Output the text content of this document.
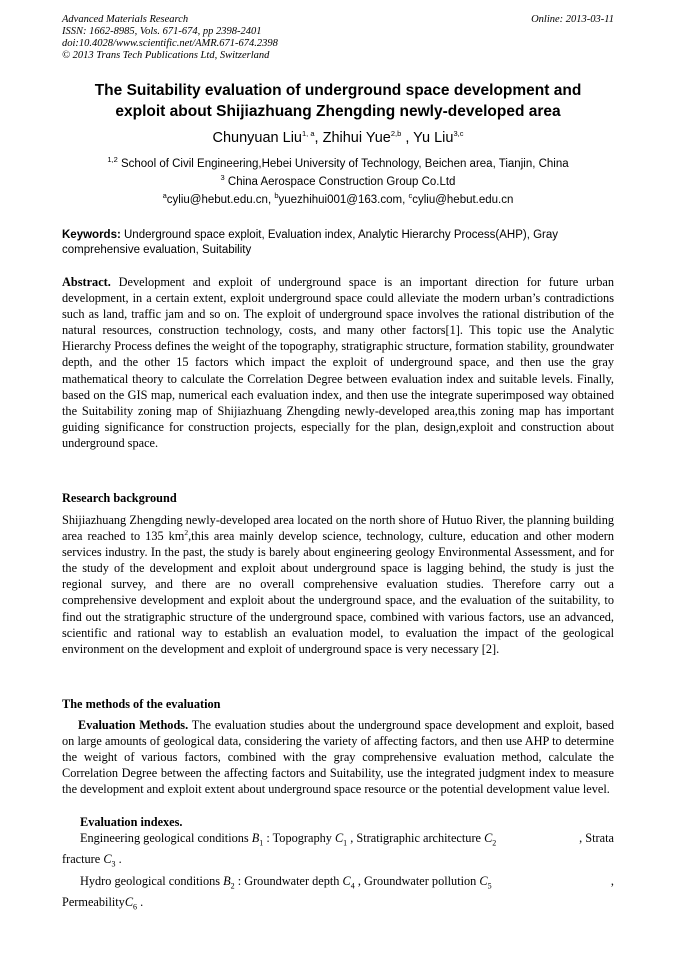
Advanced Materials Research
ISSN: 1662-8985, Vols. 671-674, pp 2398-2401
doi:10.4028/www.scientific.net/AMR.671-674.2398
© 2013 Trans Tech Publications Ltd, Switzerland
Online: 2013-03-11
The Suitability evaluation of underground space development and
exploit about Shijiazhuang Zhengding newly-developed area
Chunyuan Liu$^{1, a}$, Zhihui Yue$^{2,b}$ , Yu Liu$^{3,c}$
$^{1,2}$ School of Civil Engineering,Hebei University of Technology, Beichen area, Tianjin, China
$^3$ China Aerospace Construction Group Co.Ltd
$^a$cyliu@hebut.edu.cn, $^b$yuezhihui001@163.com, $^c$cyliu@hebut.edu.cn
Keywords: Underground space exploit, Evaluation index, Analytic Hierarchy Process(AHP), Gray comprehensive evaluation, Suitability
Abstract. Development and exploit of underground space is an important direction for future urban development, in a certain extent, exploit underground space could alleviate the modern urban’s contradictions such as land, traffic jam and so on. The exploit of underground space involves the rational distribution of the natural resources, construction technology, costs, and many other factors[1]. This topic use the Analytic Hierarchy Process defines the weight of the topography, stratigraphic structure, formation stability, groundwater depth, and the other 15 factors which impact the exploit of underground space, and then use the gray mathematical theory to calculate the Correlation Degree between evaluation index and suitable levels. Finally, based on the GIS map, numerical each evaluation index, and then use the integrate superimposed way obtained the Suitability zoning map of Shijiazhuang Zhengding newly-developed area,this zoning map has important guiding significance for construction projects, especially for the plan, design,exploit and construction about underground space.
Research background
Shijiazhuang Zhengding newly-developed area located on the north shore of Hutuo River, the planning building area reached to 135 $km^2,this$ area mainly develop science, technology, culture, education and other modern services industry. In the past, the study is barely about engineering geology Environmental Assessment, and for the study of the development and exploit about underground space is lagging behind, the study is just the regional survey, and there are no overall comprehensive evaluation studies. Therefore carry out a comprehensive development and exploit about the underground space, and the evaluation of the suitability, to find out the stratigraphic structure of the underground space, combined with various factors, use an advanced, scientific and rational way to establish an evaluation model, to evaluation the impact of the geological environment on the development and exploit of underground space is very necessary [2].
The methods of the evaluation
Evaluation Methods. The evaluation studies about the underground space development and exploit, based on large amounts of geological data, considering the variety of affecting factors, and then use AHP to determine the weight of various factors, combined with the gray comprehensive evaluation method, calculate the Correlation Degree between the affecting factors and Suitability, use the integrated judgment index to measure the development and exploit extent about underground space resource or the potential development value level.
Evaluation indexes.
Engineering geological conditions $B_1$ : Topography $C_1$ , Stratigraphic architecture $C_2$	, Strata
fracture $C_3$ .
Hydro geological conditions $B_2$ : Groundwater depth $C_4$ , Groundwater pollution $C_5$	,
PermeabilityC$_6$ .
